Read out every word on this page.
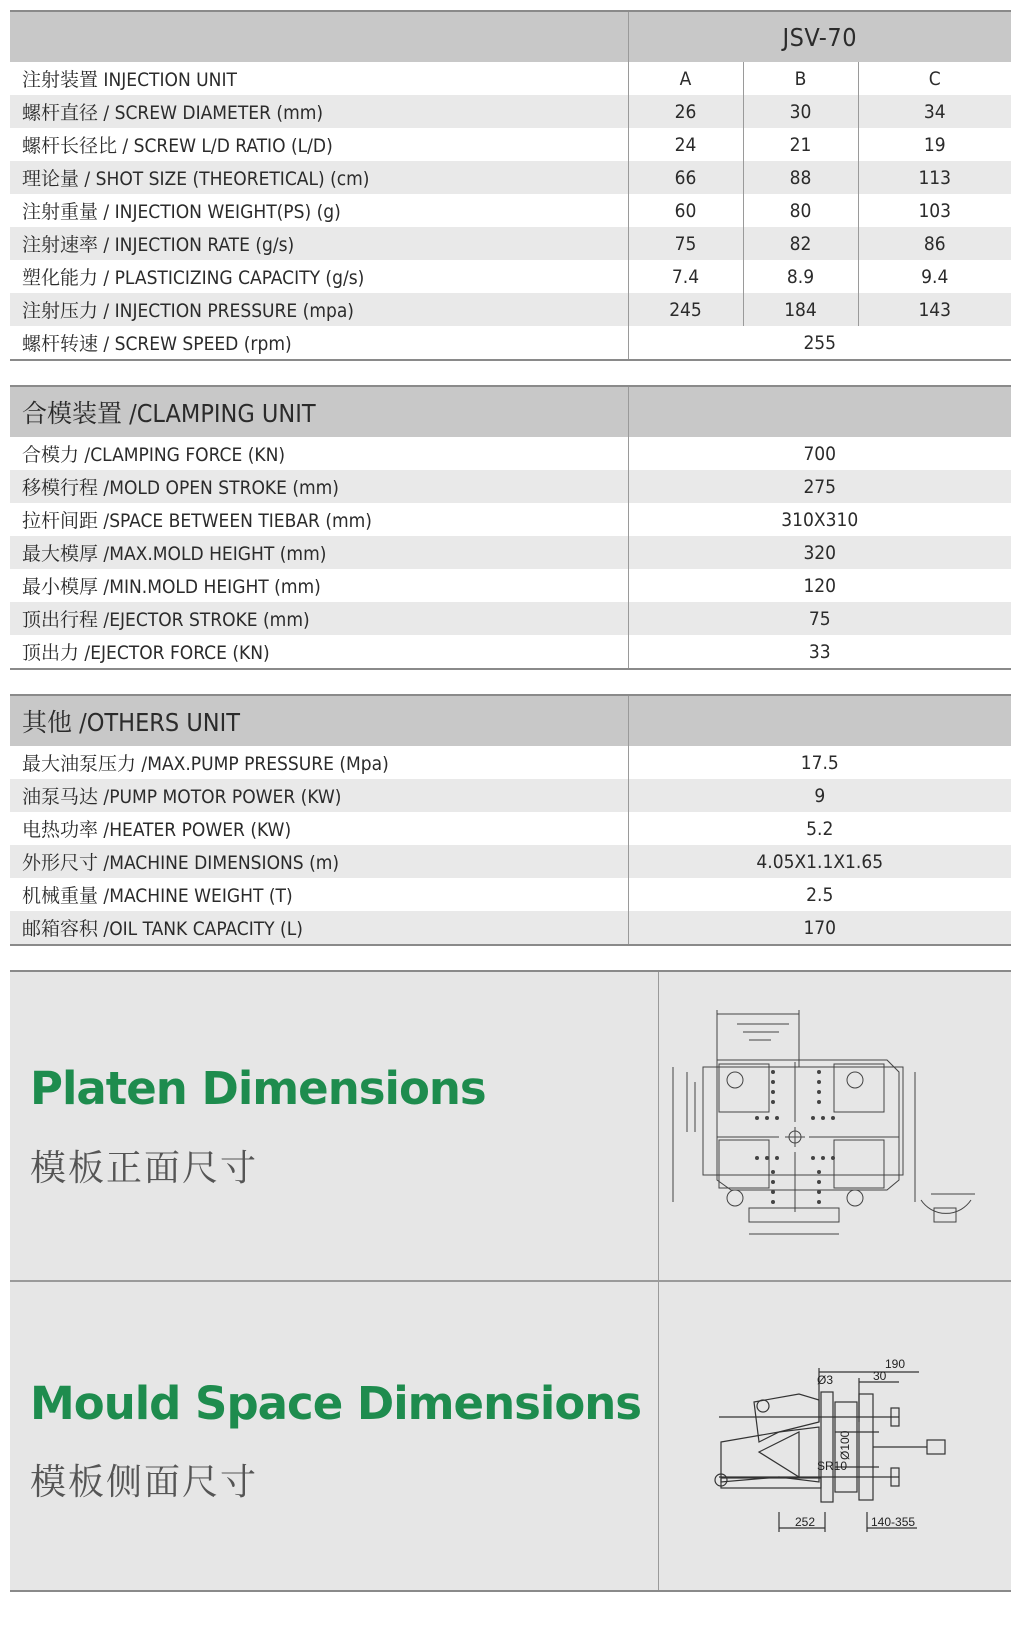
	JSV-70		
注射装置 INJECTION UNIT	A	B	C
螺杆直径 / SCREW DIAMETER (mm)	26	30	34
螺杆长径比 / SCREW L/D RATIO (L/D)	24	21	19
理论量 / SHOT SIZE (THEORETICAL) (cm)	66	88	113
注射重量 / INJECTION WEIGHT(PS) (g)	60	80	103
注射速率 / INJECTION RATE (g/s)	75	82	86
塑化能力 / PLASTICIZING CAPACITY (g/s)	7.4	8.9	9.4
注射压力 / INJECTION PRESSURE (mpa)	245	184	143
螺杆转速 / SCREW SPEED (rpm)	255		
合模装置 /CLAMPING UNIT	
合模力 /CLAMPING FORCE (KN)	700
移模行程 /MOLD OPEN STROKE (mm)	275
拉杆间距 /SPACE BETWEEN TIEBAR (mm)	310X310
最大模厚 /MAX.MOLD HEIGHT (mm)	320
最小模厚 /MIN.MOLD HEIGHT (mm)	120
顶出行程 /EJECTOR STROKE (mm)	75
顶出力 /EJECTOR FORCE (KN)	33
其他 /OTHERS UNIT	
最大油泵压力 /MAX.PUMP PRESSURE (Mpa)	17.5
油泵马达 /PUMP MOTOR POWER (KW)	9
电热功率 /HEATER POWER (KW)	5.2
外形尺寸 /MACHINE DIMENSIONS (m)	4.05X1.1X1.65
机械重量 /MACHINE WEIGHT (T)	2.5
邮箱容积 /OIL TANK CAPACITY (L)	170
Platen Dimensions
模板正面尺寸
Mould Space Dimensions
模板侧面尺寸
190
30
Ø3
Ø100
SR10
252	140-355
